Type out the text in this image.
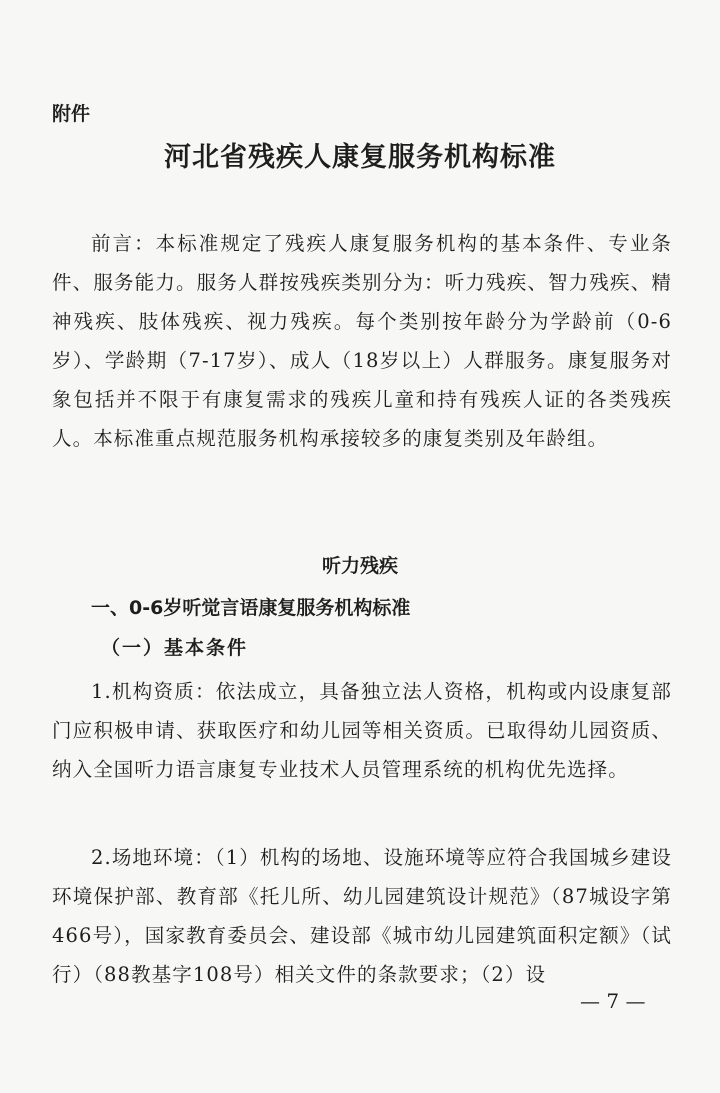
附件

河北省残疾人康复服务机构标准

前言：本标准规定了残疾人康复服务机构的基本条件、专业条件、服务能力。服务人群按残疾类别分为：听力残疾、智力残疾、精神残疾、肢体残疾、视力残疾。每个类别按年龄分为学龄前（0-6岁）、学龄期（7-17岁）、成人（18岁以上）人群服务。康复服务对象包括并不限于有康复需求的残疾儿童和持有残疾人证的各类残疾人。本标准重点规范服务机构承接较多的康复类别及年龄组。

听力残疾
一、0-6岁听觉言语康复服务机构标准
（一）基本条件

1.机构资质：依法成立，具备独立法人资格，机构或内设康复部门应积极申请、获取医疗和幼儿园等相关资质。已取得幼儿园资质、纳入全国听力语言康复专业技术人员管理系统的机构优先选择。

2.场地环境：（1）机构的场地、设施环境等应符合我国城乡建设环境保护部、教育部《托儿所、幼儿园建筑设计规范》（87城设字第466号），国家教育委员会、建设部《城市幼儿园建筑面积定额》（试行）（88教基字108号）相关文件的条款要求；（2）设

— 7 —
